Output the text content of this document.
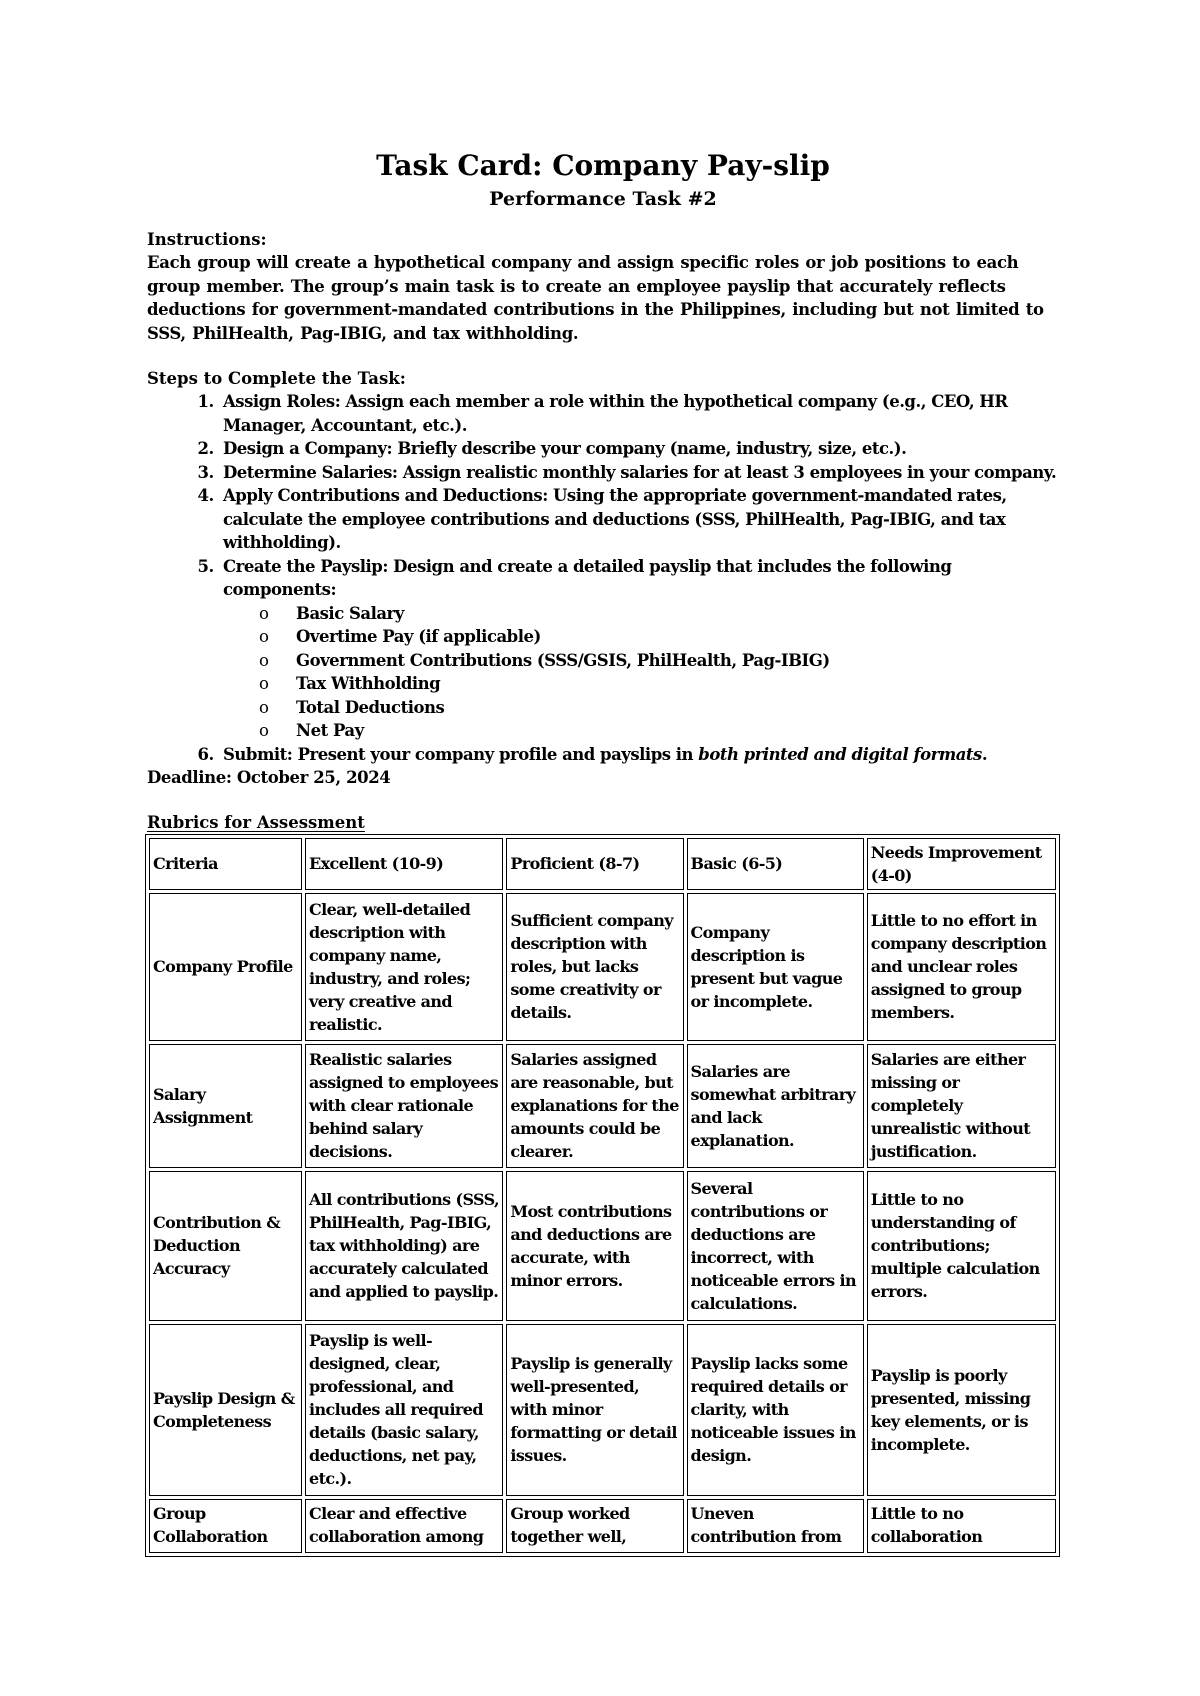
Task Card: Company Pay-slip

Performance Task #2

Instructions:

Each group will create a hypothetical company and assign specific roles or job positions to each group member. The group’s main task is to create an employee payslip that accurately reflects deductions for government-mandated contributions in the Philippines, including but not limited to SSS, PhilHealth, Pag-IBIG, and tax withholding.

Steps to Complete the Task:

1. Assign Roles: Assign each member a role within the hypothetical company (e.g., CEO, HR Manager, Accountant, etc.).
2. Design a Company: Briefly describe your company (name, industry, size, etc.).
3. Determine Salaries: Assign realistic monthly salaries for at least 3 employees in your company.
4. Apply Contributions and Deductions: Using the appropriate government-mandated rates, calculate the employee contributions and deductions (SSS, PhilHealth, Pag-IBIG, and tax withholding).
5. Create the Payslip: Design and create a detailed payslip that includes the following components:
o Basic Salary
o Overtime Pay (if applicable)
o Government Contributions (SSS/GSIS, PhilHealth, Pag-IBIG)
o Tax Withholding
o Total Deductions
o Net Pay
6. Submit: Present your company profile and payslips in both printed and digital formats.

Deadline: October 25, 2024

Rubrics for Assessment

Criteria	Excellent (10-9)	Proficient (8-7)	Basic (6-5)	Needs Improvement (4-0)
Company Profile	Clear, well-detailed description with company name, industry, and roles; very creative and realistic.	Sufficient company description with roles, but lacks some creativity or details.	Company description is present but vague or incomplete.	Little to no effort in company description and unclear roles assigned to group members.
Salary Assignment	Realistic salaries assigned to employees with clear rationale behind salary decisions.	Salaries assigned are reasonable, but explanations for the amounts could be clearer.	Salaries are somewhat arbitrary and lack explanation.	Salaries are either missing or completely unrealistic without justification.
Contribution & Deduction Accuracy	All contributions (SSS, PhilHealth, Pag-IBIG, tax withholding) are accurately calculated and applied to payslip.	Most contributions and deductions are accurate, with minor errors.	Several contributions or deductions are incorrect, with noticeable errors in calculations.	Little to no understanding of contributions; multiple calculation errors.
Payslip Design & Completeness	Payslip is well-designed, clear, professional, and includes all required details (basic salary, deductions, net pay, etc.).	Payslip is generally well-presented, with minor formatting or detail issues.	Payslip lacks some required details or clarity, with noticeable issues in design.	Payslip is poorly presented, missing key elements, or is incomplete.
Group Collaboration	Clear and effective collaboration among	Group worked together well,	Uneven contribution from	Little to no collaboration
